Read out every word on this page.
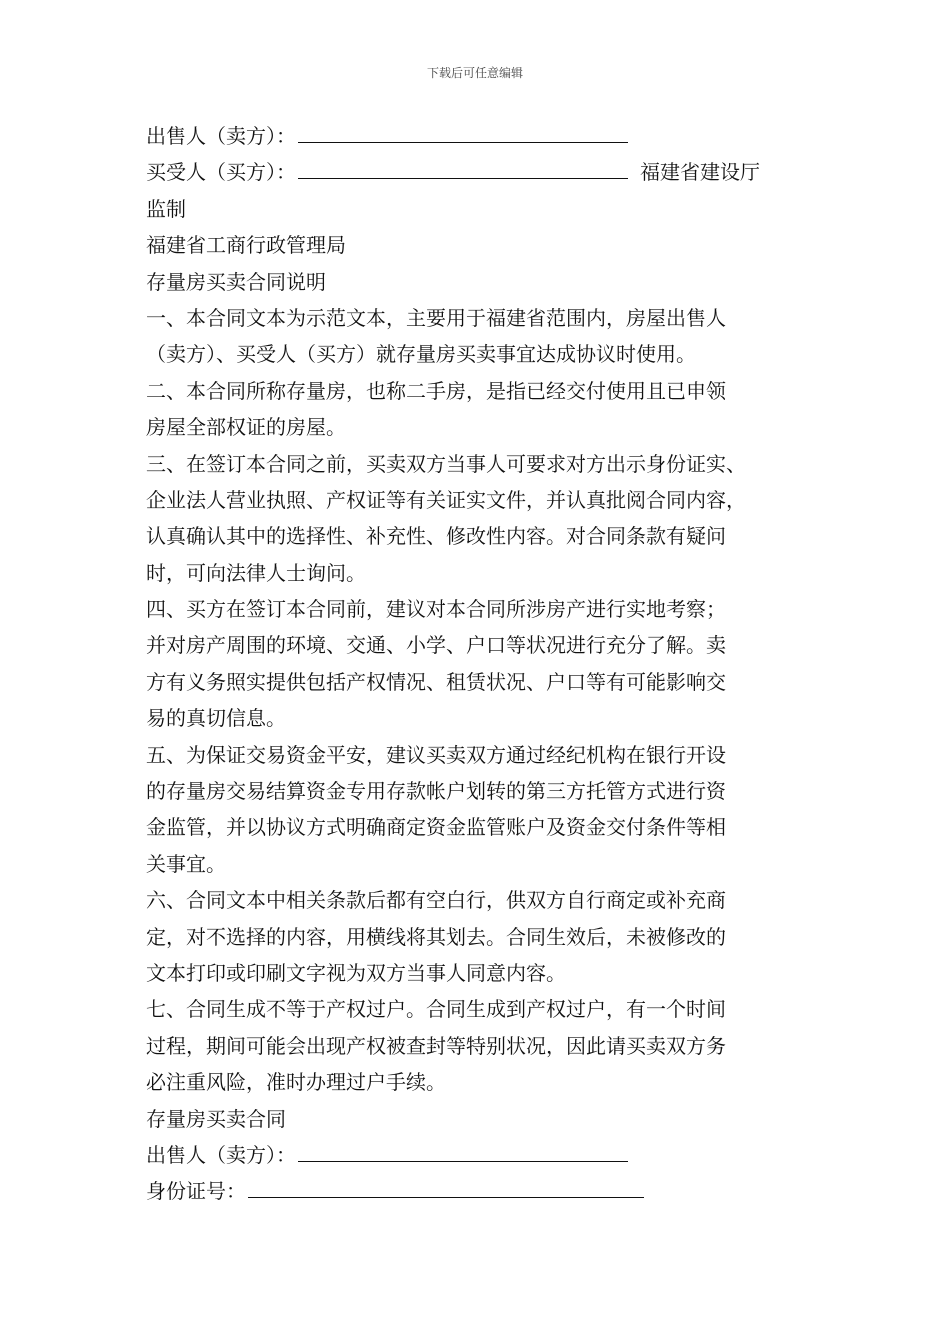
下载后可任意编辑
出售人（卖方）：
买受人（买方）：	福建省建设厅
监制
福建省工商行政管理局
存量房买卖合同说明
一、本合同文本为示范文本，主要用于福建省范围内，房屋出售人
（卖方）、买受人（买方）就存量房买卖事宜达成协议时使用。
二、本合同所称存量房，也称二手房，是指已经交付使用且已申领
房屋全部权证的房屋。
三、在签订本合同之前，买卖双方当事人可要求对方出示身份证实、
企业法人营业执照、产权证等有关证实文件，并认真批阅合同内容，
认真确认其中的选择性、补充性、修改性内容。对合同条款有疑问
时，可向法律人士询问。
四、买方在签订本合同前，建议对本合同所涉房产进行实地考察；
并对房产周围的环境、交通、小学、户口等状况进行充分了解。卖
方有义务照实提供包括产权情况、租赁状况、户口等有可能影响交
易的真切信息。
五、为保证交易资金平安，建议买卖双方通过经纪机构在银行开设
的存量房交易结算资金专用存款帐户划转的第三方托管方式进行资
金监管，并以协议方式明确商定资金监管账户及资金交付条件等相
关事宜。
六、合同文本中相关条款后都有空白行，供双方自行商定或补充商
定，对不选择的内容，用横线将其划去。合同生效后，未被修改的
文本打印或印刷文字视为双方当事人同意内容。
七、合同生成不等于产权过户。合同生成到产权过户，有一个时间
过程，期间可能会出现产权被查封等特别状况，因此请买卖双方务
必注重风险，准时办理过户手续。
存量房买卖合同
出售人（卖方）：
身份证号：
